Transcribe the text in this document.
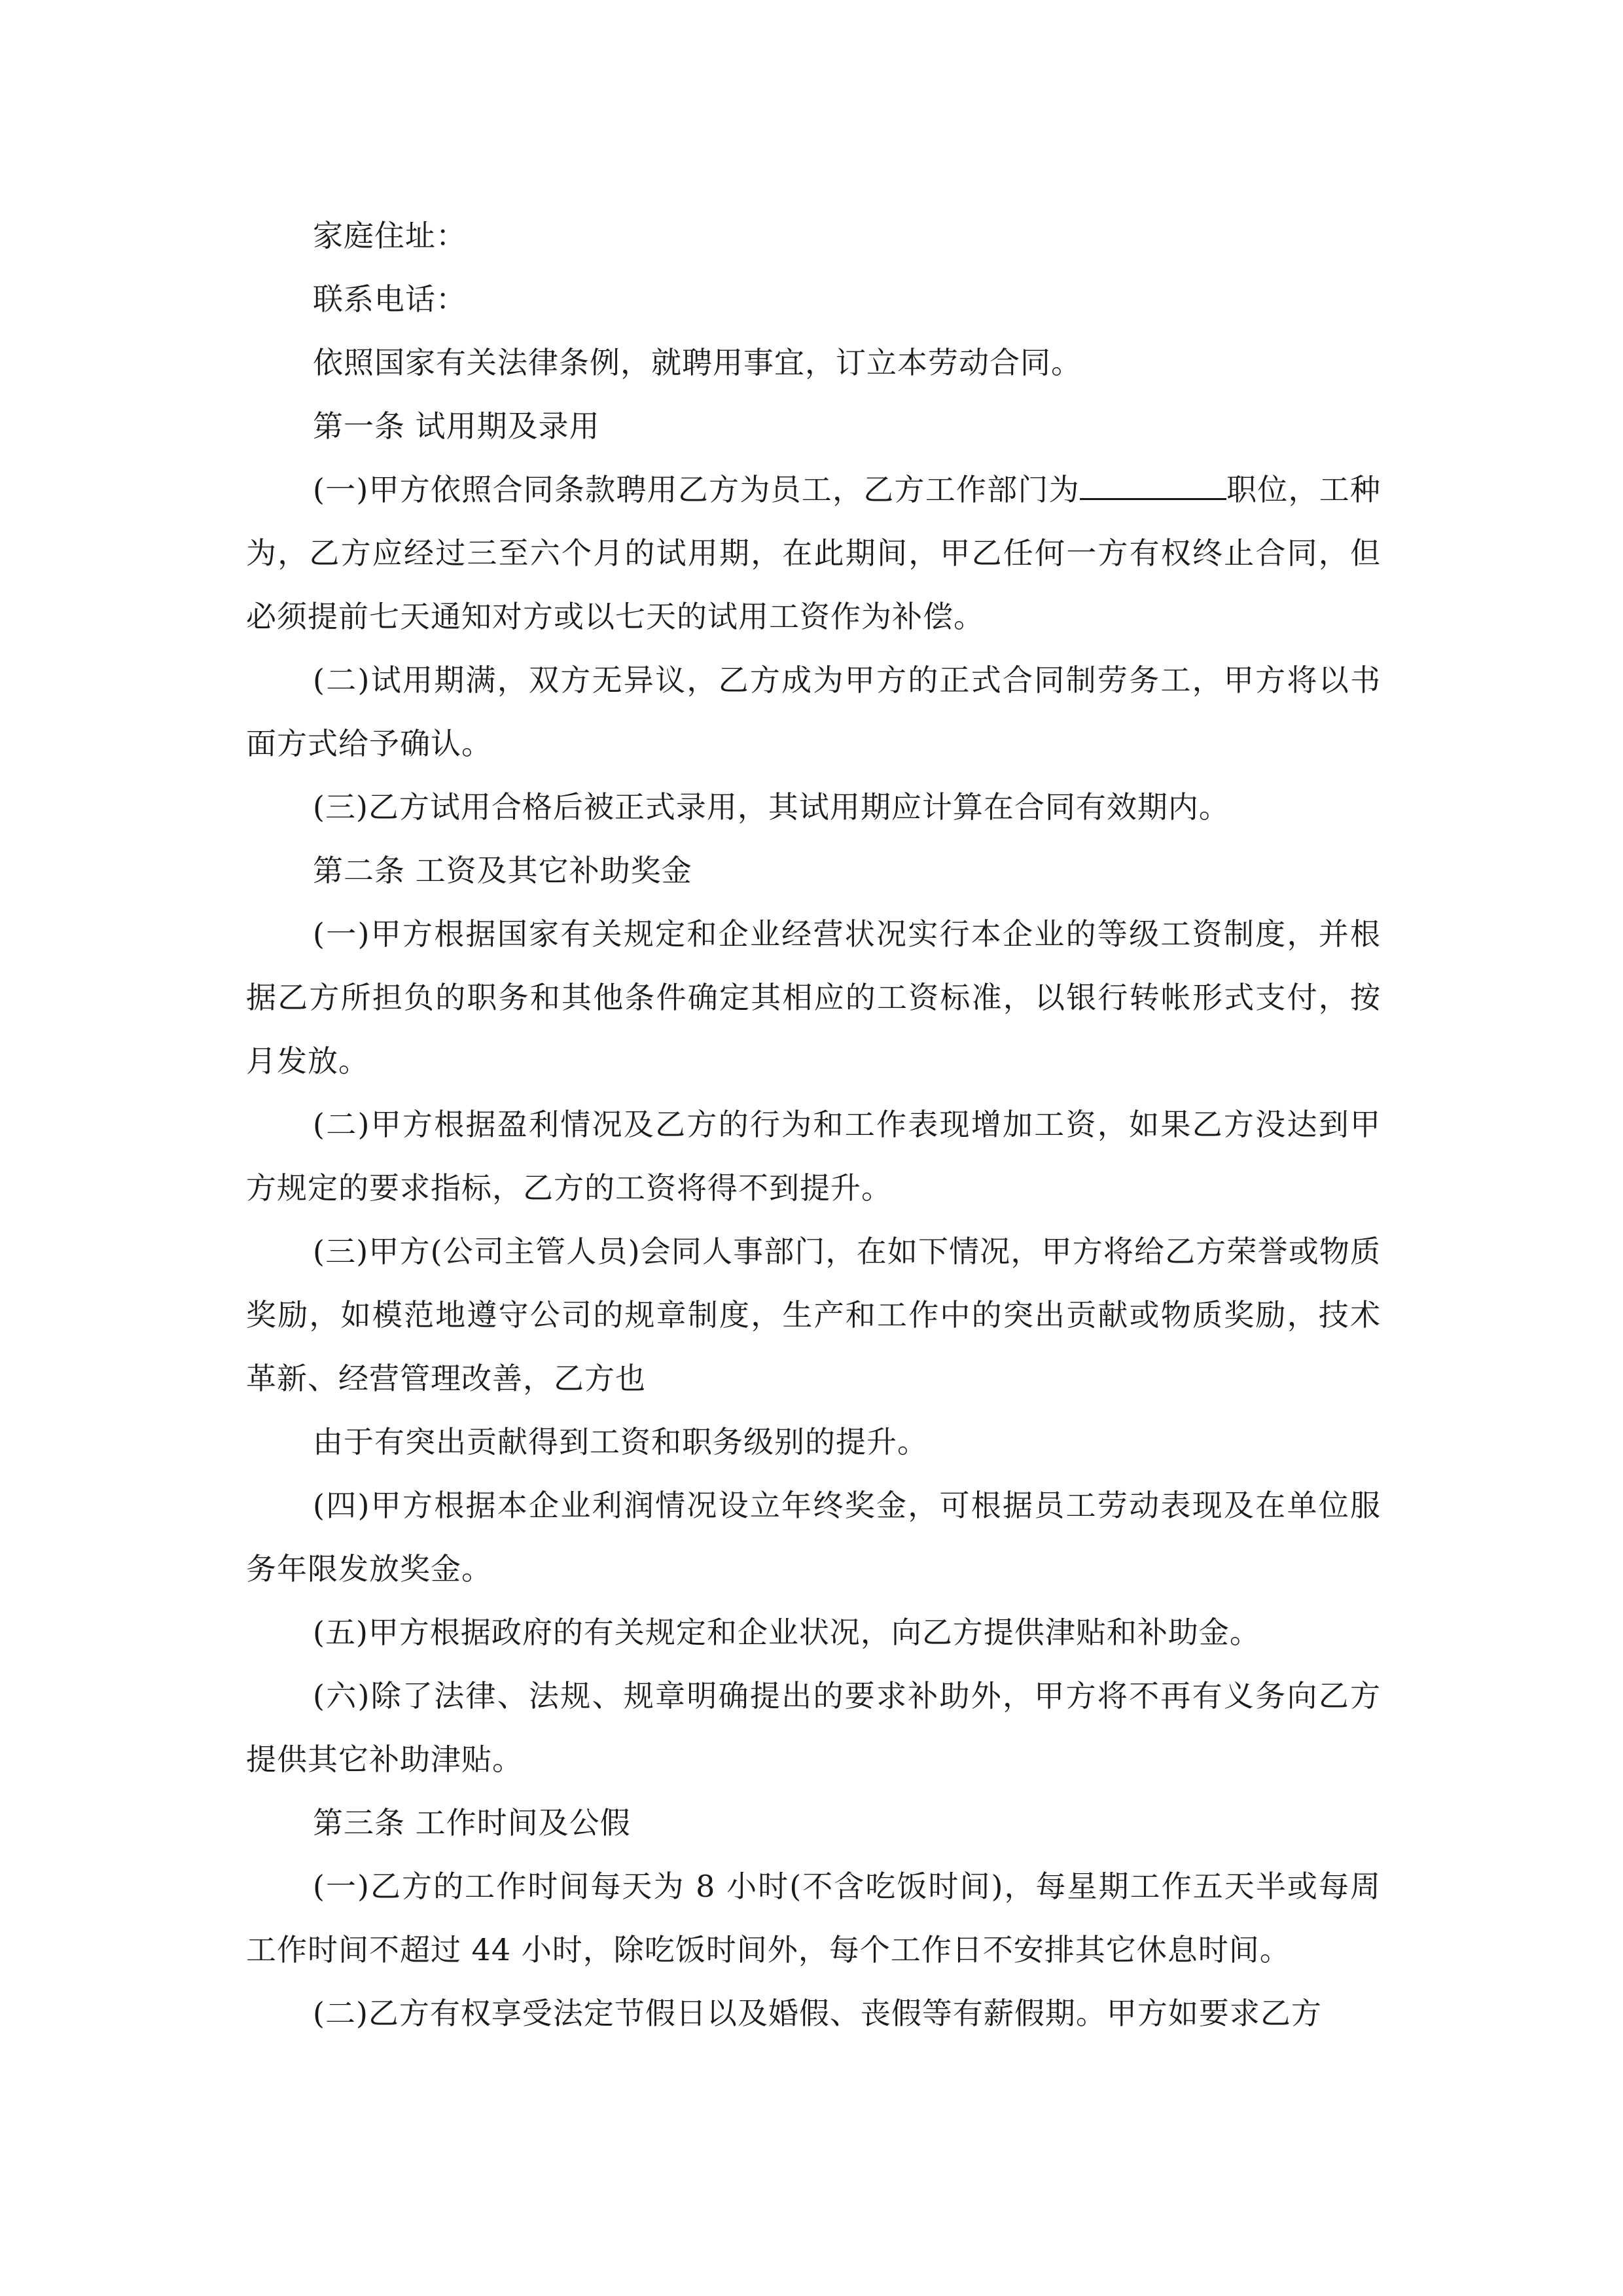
家庭住址：

联系电话：

依照国家有关法律条例，就聘用事宜，订立本劳动合同。

第一条 试用期及录用

(一)甲方依照合同条款聘用乙方为员工，乙方工作部门为	职位，工种为，乙方应经过三至六个月的试用期，在此期间，甲乙任何一方有权终止合同，但必须提前七天通知对方或以七天的试用工资作为补偿。

(二)试用期满，双方无异议，乙方成为甲方的正式合同制劳务工，甲方将以书面方式给予确认。

(三)乙方试用合格后被正式录用，其试用期应计算在合同有效期内。

第二条 工资及其它补助奖金

(一)甲方根据国家有关规定和企业经营状况实行本企业的等级工资制度，并根据乙方所担负的职务和其他条件确定其相应的工资标准，以银行转帐形式支付，按月发放。

(二)甲方根据盈利情况及乙方的行为和工作表现增加工资，如果乙方没达到甲方规定的要求指标，乙方的工资将得不到提升。

(三)甲方(公司主管人员)会同人事部门，在如下情况，甲方将给乙方荣誉或物质奖励，如模范地遵守公司的规章制度，生产和工作中的突出贡献或物质奖励，技术革新、经营管理改善，乙方也

由于有突出贡献得到工资和职务级别的提升。

(四)甲方根据本企业利润情况设立年终奖金，可根据员工劳动表现及在单位服务年限发放奖金。

(五)甲方根据政府的有关规定和企业状况，向乙方提供津贴和补助金。

(六)除了法律、法规、规章明确提出的要求补助外，甲方将不再有义务向乙方提供其它补助津贴。

第三条 工作时间及公假

(一)乙方的工作时间每天为 8 小时(不含吃饭时间)，每星期工作五天半或每周工作时间不超过 44 小时，除吃饭时间外，每个工作日不安排其它休息时间。

(二)乙方有权享受法定节假日以及婚假、丧假等有薪假期。甲方如要求乙方
